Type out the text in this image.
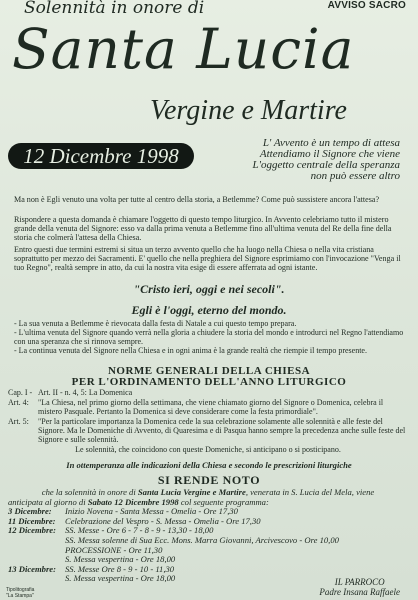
AVVISO SACRO
Solennità in onore di
Santa Lucia
Vergine e Martire
12 Dicembre 1998
L' Avvento è un tempo di attesa
Attendiamo il Signore che viene
L'oggetto centrale della speranza
non può essere altro
Ma non è Egli venuto una volta per tutte al centro della storia, a Betlemme? Come può sussistere ancora l'attesa?
Rispondere a questa domanda è chiamare l'oggetto di questo tempo liturgico. In Avvento celebriamo tutto il mistero grande della venuta del Signore: esso va dalla prima venuta a Betlemme fino all'ultima venuta del Re della fine della storia che colmerà l'attesa della Chiesa.
Entro questi due termini estremi si situa un terzo avvento quello che ha luogo nella Chiesa o nella vita cristiana soprattutto per mezzo dei Sacramenti. E' quello che nella preghiera del Signore esprimiamo con l'invocazione "Venga il tuo Regno", realtà sempre in atto, da cui la nostra vita esige di essere afferrata ad ogni istante.
"Cristo ieri, oggi e nei secoli".
Egli è l'oggi, eterno del mondo.
- La sua venuta a Betlemme è rievocata dalla festa di Natale a cui questo tempo prepara.
- L'ultima venuta del Signore quando verrà nella gloria a chiudere la storia del mondo e introdurci nel Regno l'attendiamo con una speranza che si rinnova sempre.
- La continua venuta del Signore nella Chiesa e in ogni anima è la grande realtà che riempie il tempo presente.
NORME GENERALI DELLA CHIESA
PER L'ORDINAMENTO DELL'ANNO LITURGICO
Cap. I - Art. II - n. 4, 5: La Domenica
Art. 4:	"La Chiesa, nel primo giorno della settimana, che viene chiamato giorno del Signore o Domenica, celebra il mistero Pasquale. Pertanto la Domenica si deve considerare come la festa primordiale".
Art. 5:	"Per la particolare importanza la Domenica cede la sua celebrazione solamente alle solennità e alle feste del Signore. Ma le Domeniche di Avvento, di Quaresima e di Pasqua hanno sempre la precedenza anche sulle feste del Signore e sulle solennità.
Le solennità, che coincidono con queste Domeniche, si anticipano o si posticipano.
In ottemperanza alle indicazioni della Chiesa e secondo le prescrizioni liturgiche
SI RENDE NOTO
che la solennità in onore di Santa Lucia Vergine e Martire, venerata in S. Lucia del Mela, viene
anticipata al giorno di Sabato 12 Dicembre 1998 col seguente programma:
3 Dicembre:	Inizio Novena - Santa Messa - Omelia - Ore 17,30
11 Dicembre:	Celebrazione del Vespro - S. Messa - Omelia - Ore 17,30
12 Dicembre:	SS. Messe - Ore 6 - 7 - 8 - 9 - 13,30 - 18,00
SS. Messa solenne di Sua Ecc. Mons. Marra Giovanni, Arcivescovo - Ore 10,00
PROCESSIONE - Ore 11,30
S. Messa vespertina - Ore 18,00
13 Dicembre:	SS. Messe Ore 8 - 9 - 10 - 11,30
S. Messa vespertina - Ore 18,00	IL PARROCO
Padre Insana Raffaele
Tipolitografia
"La Stampa"
